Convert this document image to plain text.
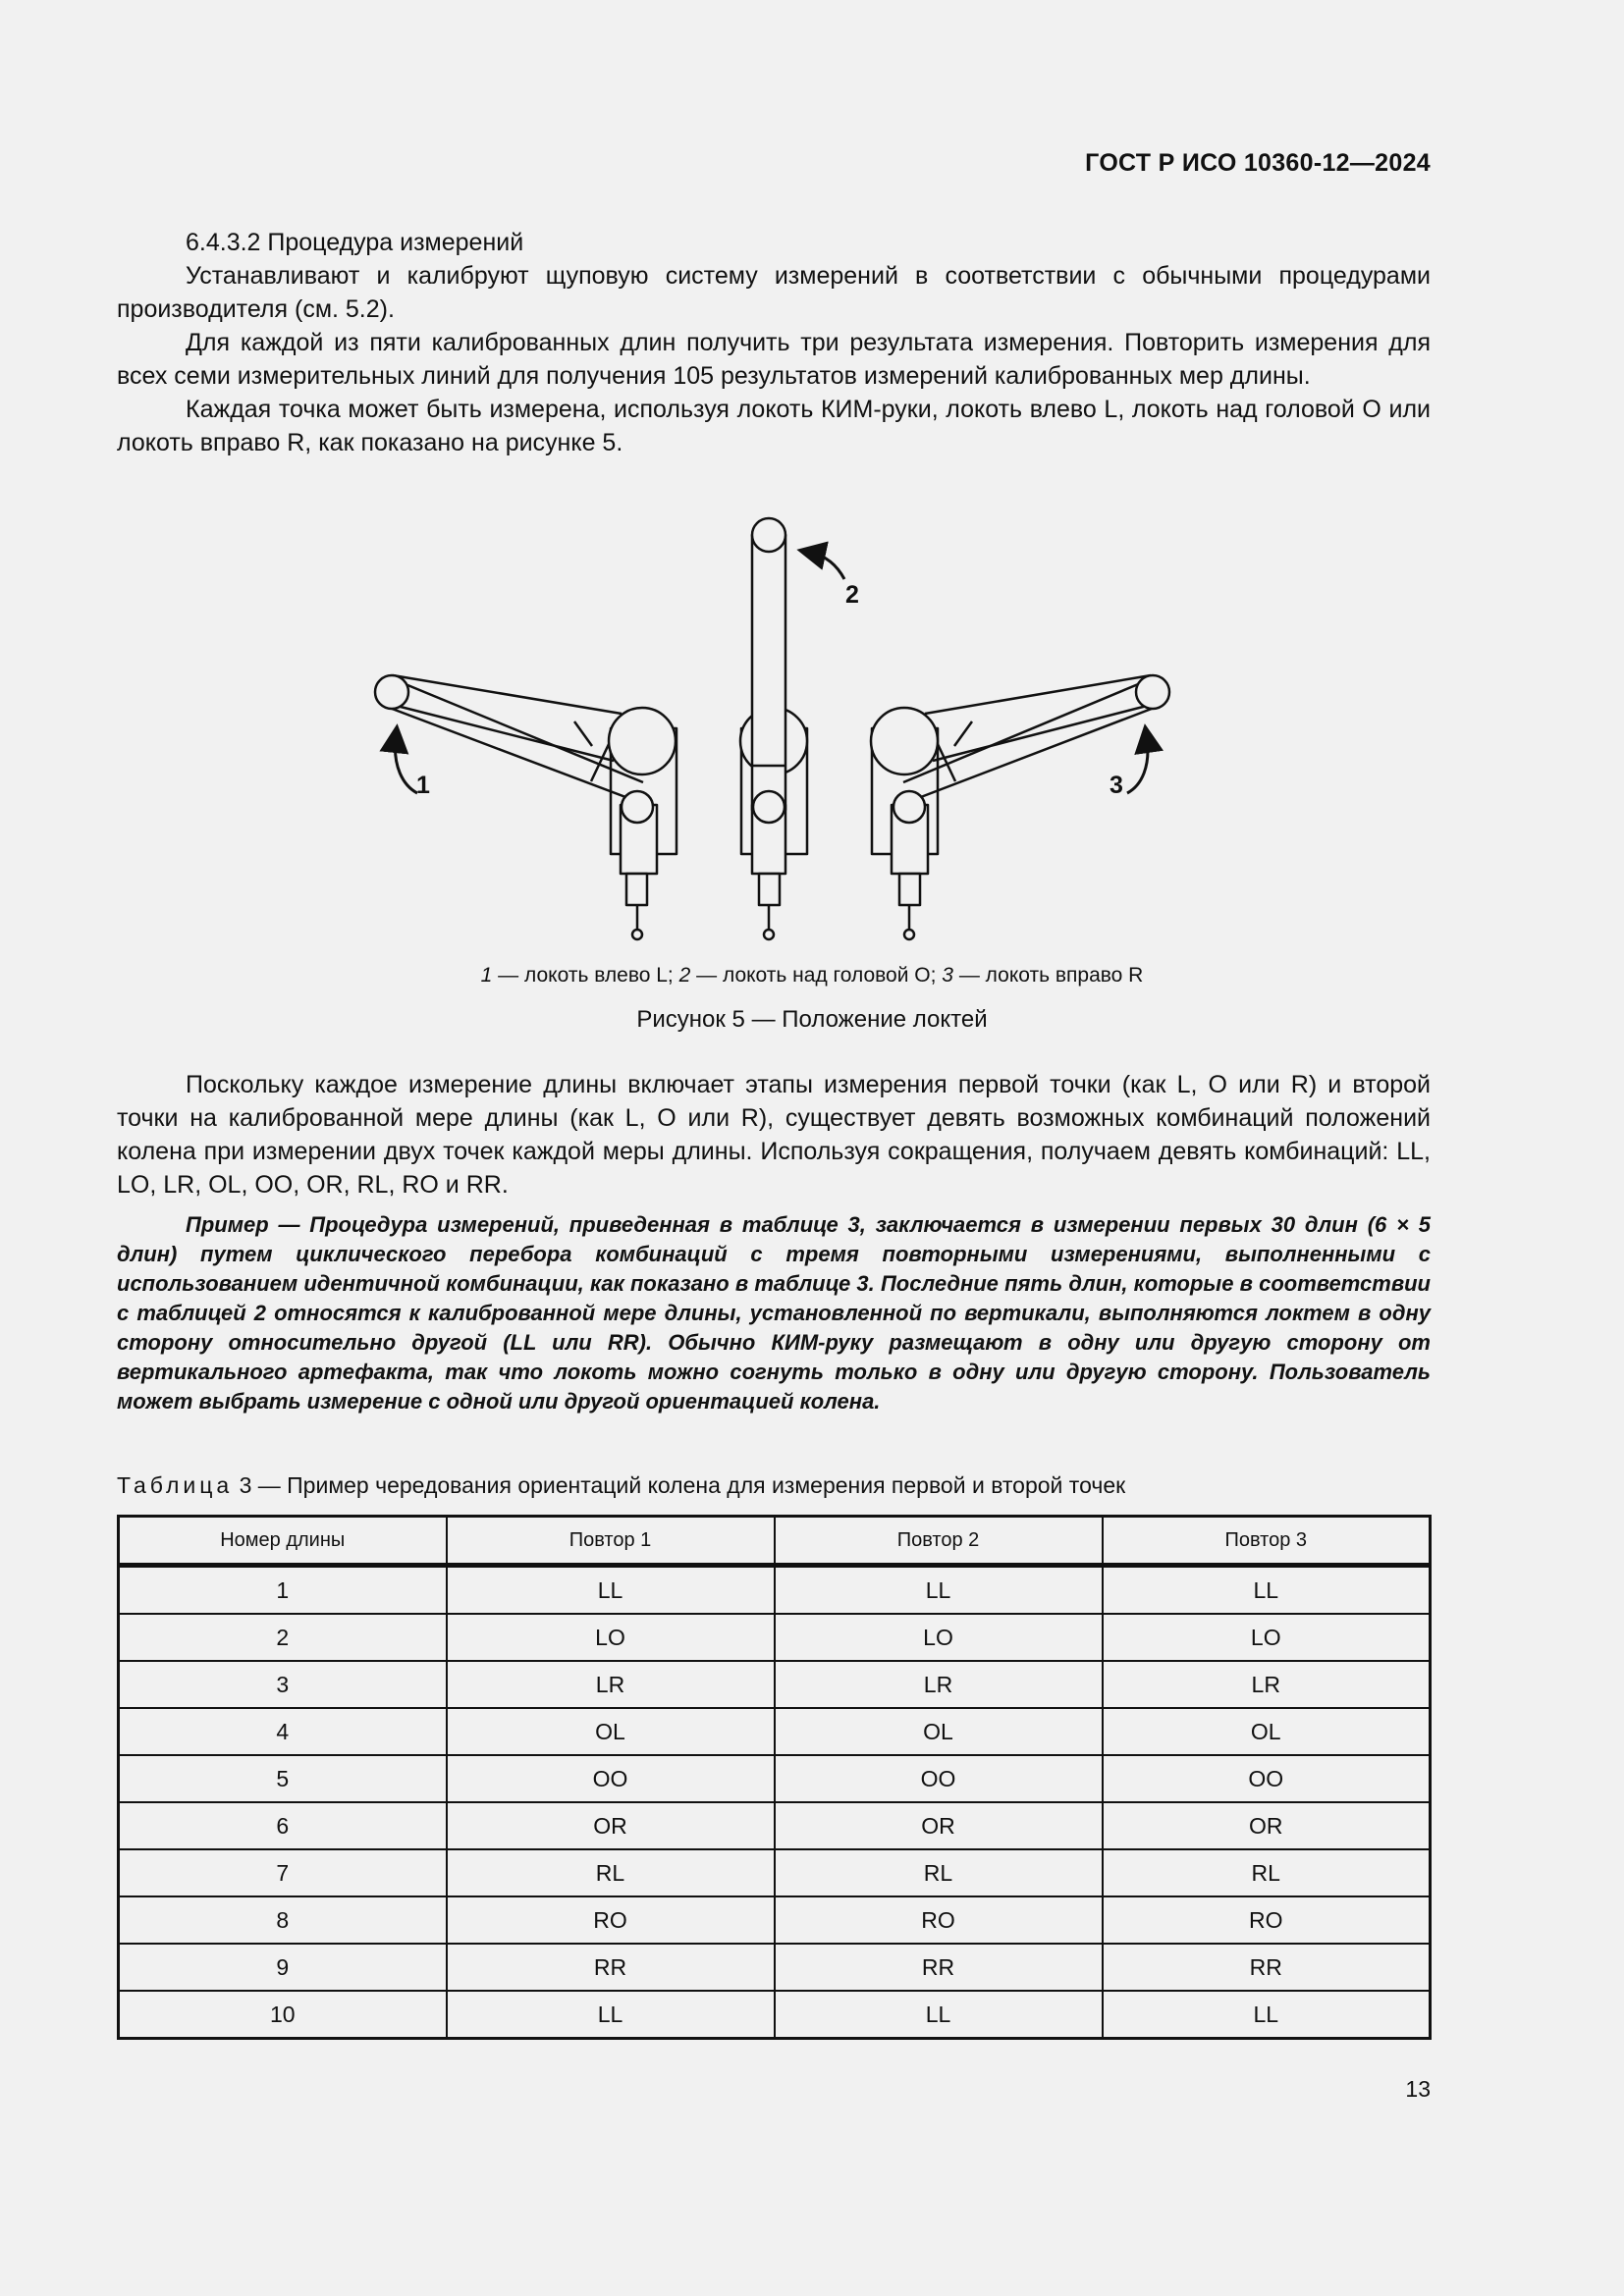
ГОСТ Р ИСО 10360-12—2024

6.4.3.2 Процедура измерений

Устанавливают и калибруют щуповую систему измерений в соответствии с обычными процедурами производителя (см. 5.2).

Для каждой из пяти калиброванных длин получить три результата измерения. Повторить измерения для всех семи измерительных линий для получения 105 результатов измерений калиброванных мер длины.

Каждая точка может быть измерена, используя локоть КИМ-руки, локоть влево L, локоть над головой O или локоть вправо R, как показано на рисунке 5.

1
2
3
1 — локоть влево L; 2 — локоть над головой O; 3 — локоть вправо R
Рисунок 5 — Положение локтей

Поскольку каждое измерение длины включает этапы измерения первой точки (как L, O или R) и второй точки на калиброванной мере длины (как L, O или R), существует девять возможных комбинаций положений колена при измерении двух точек каждой меры длины. Используя сокращения, получаем девять комбинаций: LL, LO, LR, OL, OO, OR, RL, RO и RR.

Пример — Процедура измерений, приведенная в таблице 3, заключается в измерении первых 30 длин (6 × 5 длин) путем циклического перебора комбинаций с тремя повторными измерениями, выполненными с использованием идентичной комбинации, как показано в таблице 3. Последние пять длин, которые в соответствии с таблицей 2 относятся к калиброванной мере длины, установленной по вертикали, выполняются локтем в одну сторону относительно другой (LL или RR). Обычно КИМ-руку размещают в одну или другую сторону от вертикального артефакта, так что локоть можно согнуть только в одну или другую сторону. Пользователь может выбрать измерение с одной или другой ориентацией колена.

Таблица 3 — Пример чередования ориентаций колена для измерения первой и второй точек
Номер длины	Повтор 1	Повтор 2	Повтор 3
1	LL	LL	LL
2	LO	LO	LO
3	LR	LR	LR
4	OL	OL	OL
5	OO	OO	OO
6	OR	OR	OR
7	RL	RL	RL
8	RO	RO	RO
9	RR	RR	RR
10	LL	LL	LL
13
